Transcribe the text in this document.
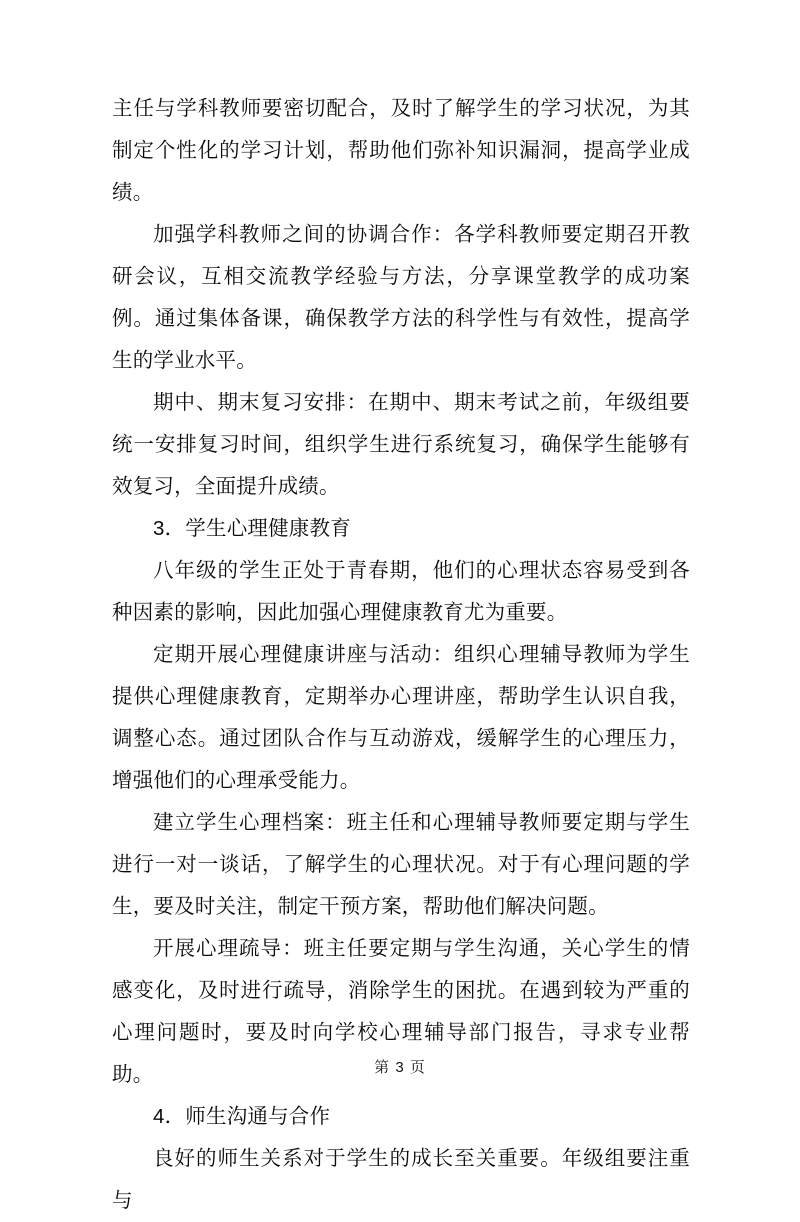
主任与学科教师要密切配合，及时了解学生的学习状况，为其制定个性化的学习计划，帮助他们弥补知识漏洞，提高学业成绩。

加强学科教师之间的协调合作：各学科教师要定期召开教研会议，互相交流教学经验与方法，分享课堂教学的成功案例。通过集体备课，确保教学方法的科学性与有效性，提高学生的学业水平。

期中、期末复习安排：在期中、期末考试之前，年级组要统一安排复习时间，组织学生进行系统复习，确保学生能够有效复习，全面提升成绩。

3．学生心理健康教育

八年级的学生正处于青春期，他们的心理状态容易受到各种因素的影响，因此加强心理健康教育尤为重要。

定期开展心理健康讲座与活动：组织心理辅导教师为学生提供心理健康教育，定期举办心理讲座，帮助学生认识自我，调整心态。通过团队合作与互动游戏，缓解学生的心理压力，增强他们的心理承受能力。

建立学生心理档案：班主任和心理辅导教师要定期与学生进行一对一谈话，了解学生的心理状况。对于有心理问题的学生，要及时关注，制定干预方案，帮助他们解决问题。

开展心理疏导：班主任要定期与学生沟通，关心学生的情感变化，及时进行疏导，消除学生的困扰。在遇到较为严重的心理问题时，要及时向学校心理辅导部门报告，寻求专业帮助。

4．师生沟通与合作

良好的师生关系对于学生的成长至关重要。年级组要注重与

第 3 页
